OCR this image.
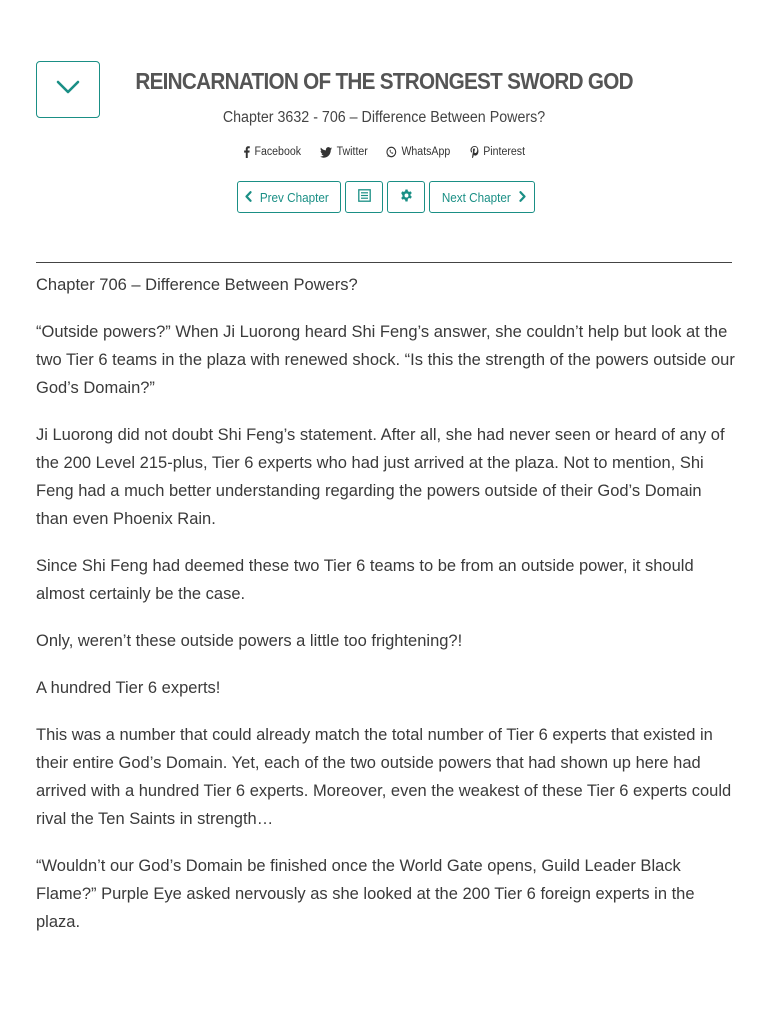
REINCARNATION OF THE STRONGEST SWORD GOD
Chapter 3632 - 706 – Difference Between Powers?
Facebook	Twitter	WhatsApp	Pinterest
Prev Chapter	Next Chapter

Chapter 706 – Difference Between Powers?

“Outside powers?” When Ji Luorong heard Shi Feng’s answer, she couldn’t help but look at the two Tier 6 teams in the plaza with renewed shock. “Is this the strength of the powers outside our God’s Domain?”

Ji Luorong did not doubt Shi Feng’s statement. After all, she had never seen or heard of any of the 200 Level 215-plus, Tier 6 experts who had just arrived at the plaza. Not to mention, Shi Feng had a much better understanding regarding the powers outside of their God’s Domain than even Phoenix Rain.

Since Shi Feng had deemed these two Tier 6 teams to be from an outside power, it should almost certainly be the case.

Only, weren’t these outside powers a little too frightening?!

A hundred Tier 6 experts!

This was a number that could already match the total number of Tier 6 experts that existed in their entire God’s Domain. Yet, each of the two outside powers that had shown up here had arrived with a hundred Tier 6 experts. Moreover, even the weakest of these Tier 6 experts could rival the Ten Saints in strength…

“Wouldn’t our God’s Domain be finished once the World Gate opens, Guild Leader Black Flame?” Purple Eye asked nervously as she looked at the 200 Tier 6 foreign experts in the plaza.
